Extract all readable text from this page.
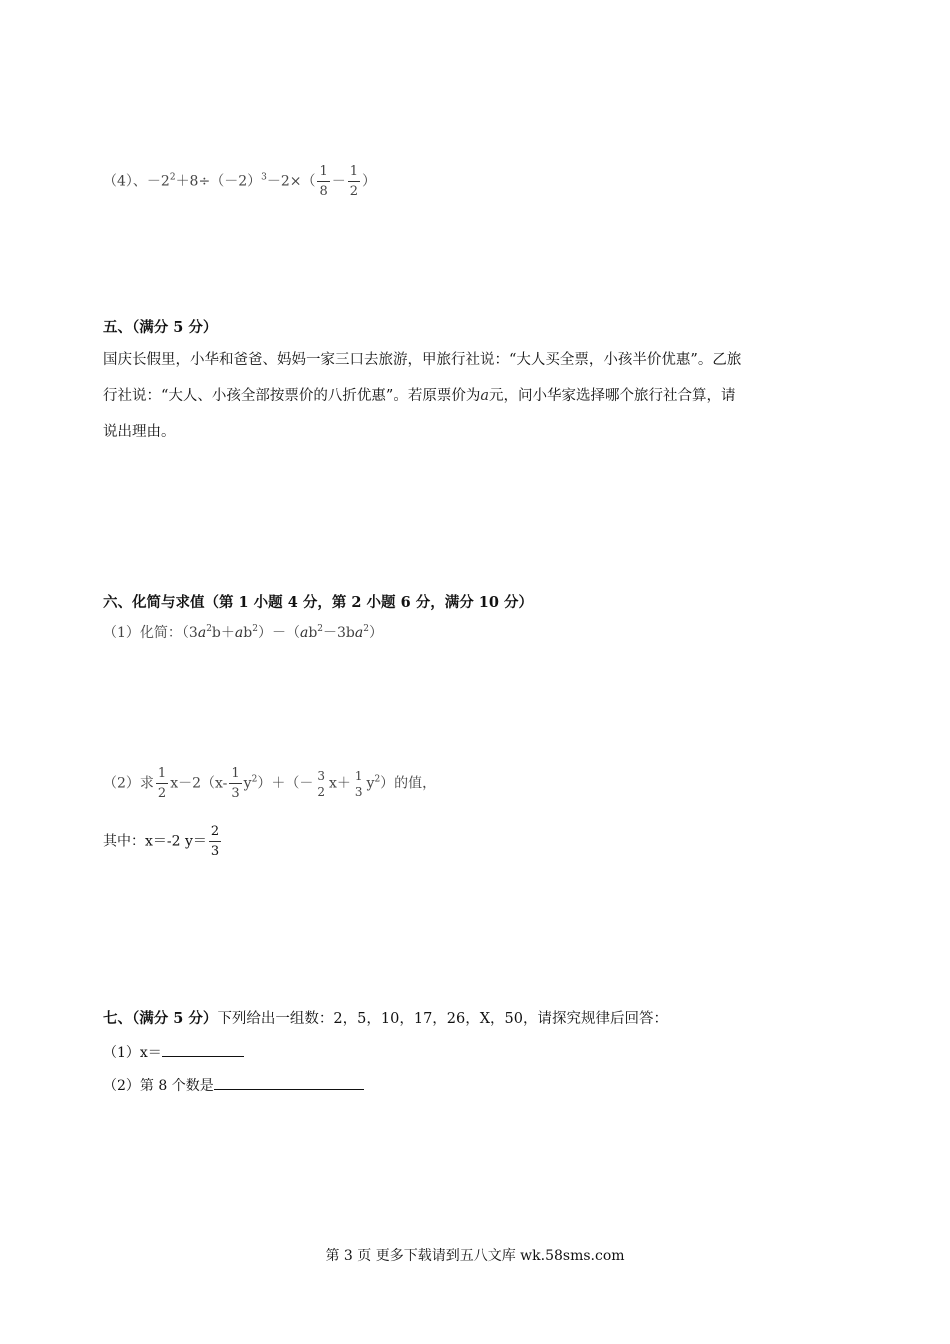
（4）、$-2^2+8\div(-2)^3-2\times( \frac{1}{8} - \frac{1}{2}$ ）
五、（满分 5 分）
国庆长假里，小华和爸爸、妈妈一家三口去旅游，甲旅行社说：“大人买全票，小孩半价优惠”。乙旅
行社说：“大人、小孩全部按票价的八折优惠”。若原票价为a元，问小华家选择哪个旅行社合算，请
说出理由。
六、化简与求值（第 1 小题 4 分，第 2 小题 6 分，满分 10 分）
（1）化简：$(3a^2b+ab^2)-(ab^2-3ba^2)$
（2）求 $\frac{1}{2} x-2(x- \frac{1}{3} y^2)+(- 3$
2 x＋ 1
3 $y^2$）的值，
其中：x＝-2 $y= \frac{2}{3}$
七、（满分 5 分）下列给出一组数：2，5，10，17，26，X，50，请探究规律后回答：
（1）x＝
（2）第 8 个数是
第 3 页 更多下载请到五八文库 wk.58sms.com
